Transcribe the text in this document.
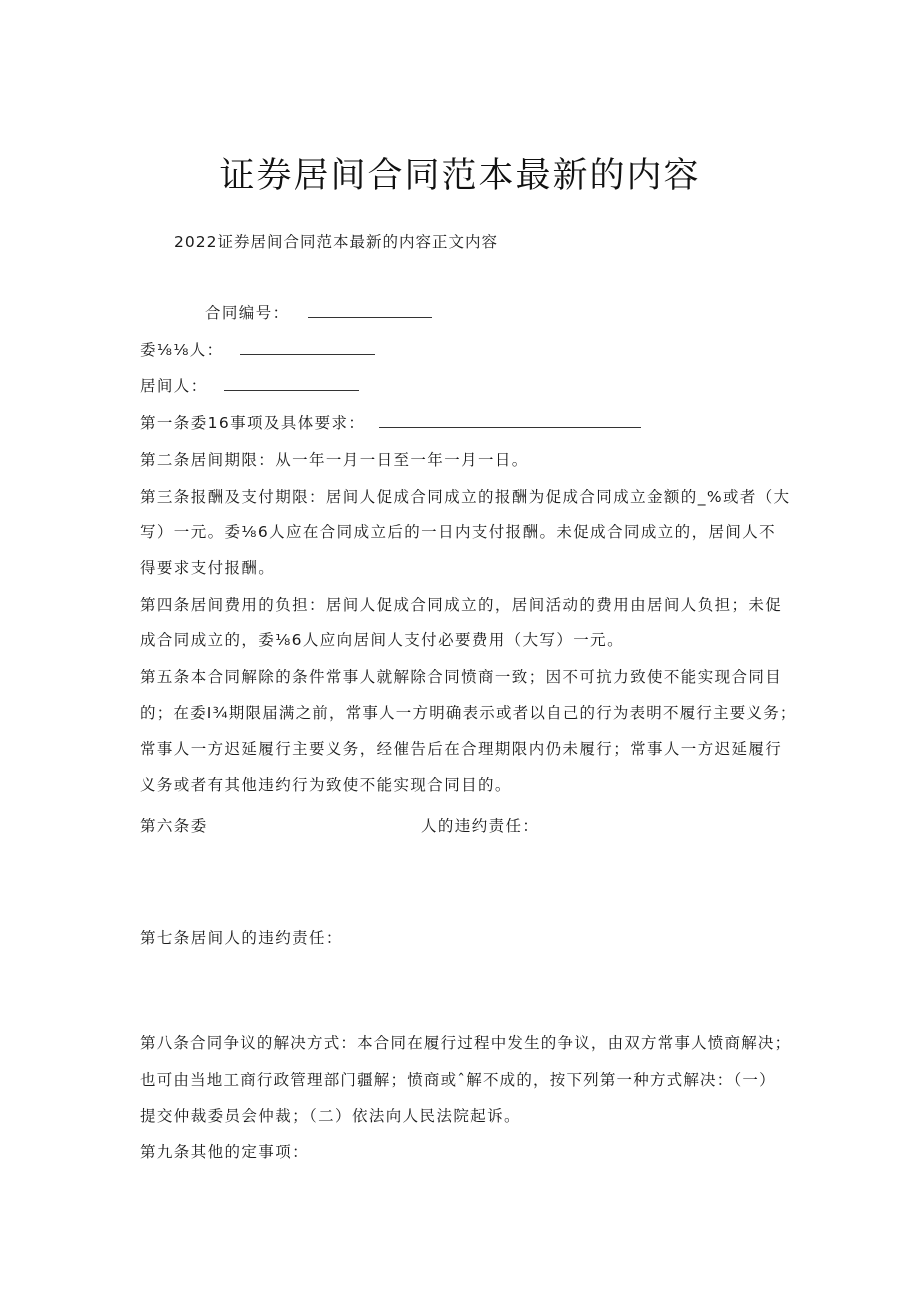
证券居间合同范本最新的内容
2022证券居间合同范本最新的内容正文内容
合同编号：
委⅛⅛人：
居间人：
第一条委16事项及具体要求：
第二条居间期限：从一年一月一日至一年一月一日。
第三条报酬及支付期限：居间人促成合同成立的报酬为促成合同成立金额的_%或者（大
写）一元。委⅛6人应在合同成立后的一日内支付报酬。未促成合同成立的，居间人不
得要求支付报酬。
第四条居间费用的负担：居间人促成合同成立的，居间活动的费用由居间人负担；未促
成合同成立的，委⅛6人应向居间人支付必要费用（大写）一元。
第五条本合同解除的条件常事人就解除合同愤商一致；因不可抗力致使不能实现合同目
的；在委I¾期限届满之前，常事人一方明确表示或者以自己的行为表明不履行主要义务；
常事人一方迟延履行主要义务，经催告后在合理期限内仍未履行；常事人一方迟延履行
义务或者有其他违约行为致使不能实现合同目的。
第六条委	人的违约责任：
第七条居间人的违约责任：
第八条合同争议的解决方式：本合同在履行过程中发生的争议，由双方常事人愤商解决；
也可由当地工商行政管理部门疆解；愤商或ˆ解不成的，按下列第一种方式解决：（一）
提交仲裁委员会仲裁；（二）依法向人民法院起诉。
第九条其他的定事项：
